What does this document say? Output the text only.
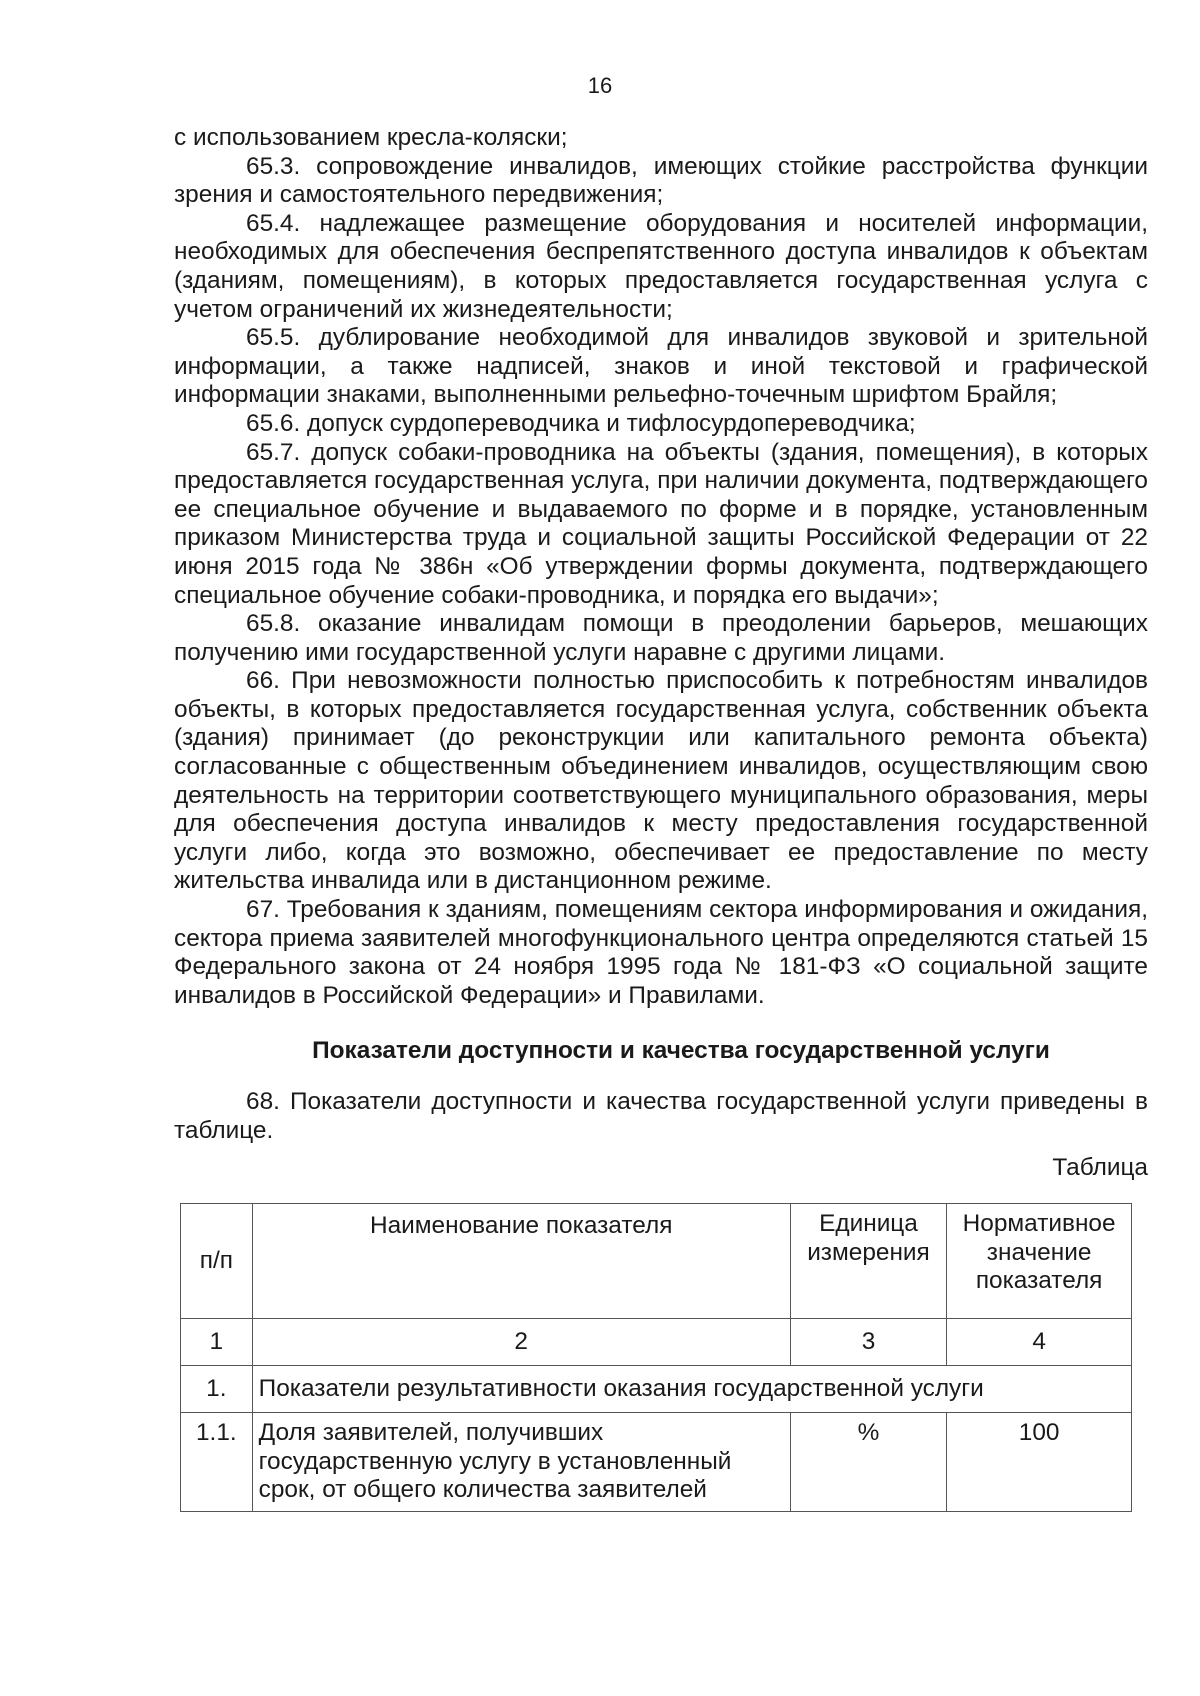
16

с использованием кресла-коляски;

65.3. сопровождение инвалидов, имеющих стойкие расстройства функции зрения и самостоятельного передвижения;

65.4. надлежащее размещение оборудования и носителей информации, необходимых для обеспечения беспрепятственного доступа инвалидов к объектам (зданиям, помещениям), в которых предоставляется государственная услуга с учетом ограничений их жизнедеятельности;

65.5. дублирование необходимой для инвалидов звуковой и зрительной информации, а также надписей, знаков и иной текстовой и графической информации знаками, выполненными рельефно-точечным шрифтом Брайля;

65.6. допуск сурдопереводчика и тифлосурдопереводчика;

65.7. допуск собаки-проводника на объекты (здания, помещения), в которых предоставляется государственная услуга, при наличии документа, подтверждающего ее специальное обучение и выдаваемого по форме и в порядке, установленным приказом Министерства труда и социальной защиты Российской Федерации от 22 июня 2015 года № 386н «Об утверждении формы документа, подтверждающего специальное обучение собаки-проводника, и порядка его выдачи»;

65.8. оказание инвалидам помощи в преодолении барьеров, мешающих получению ими государственной услуги наравне с другими лицами.

66. При невозможности полностью приспособить к потребностям инвалидов объекты, в которых предоставляется государственная услуга, собственник объекта (здания) принимает (до реконструкции или капитального ремонта объекта) согласованные с общественным объединением инвалидов, осуществляющим свою деятельность на территории соответствующего муниципального образования, меры для обеспечения доступа инвалидов к месту предоставления государственной услуги либо, когда это возможно, обеспечивает ее предоставление по месту жительства инвалида или в дистанционном режиме.

67. Требования к зданиям, помещениям сектора информирования и ожидания, сектора приема заявителей многофункционального центра определяются статьей 15 Федерального закона от 24 ноября 1995 года № 181-ФЗ «О социальной защите инвалидов в Российской Федерации» и Правилами.

Показатели доступности и качества государственной услуги

68. Показатели доступности и качества государственной услуги приведены в таблице.

Таблица
п/п	Наименование показателя	Единица измерения	Нормативное значение показателя
1	2	3	4
1.	Показатели результативности оказания государственной услуги		
1.1.	Доля заявителей, получивших государственную услугу в установленный срок, от общего количества заявителей	%	100
